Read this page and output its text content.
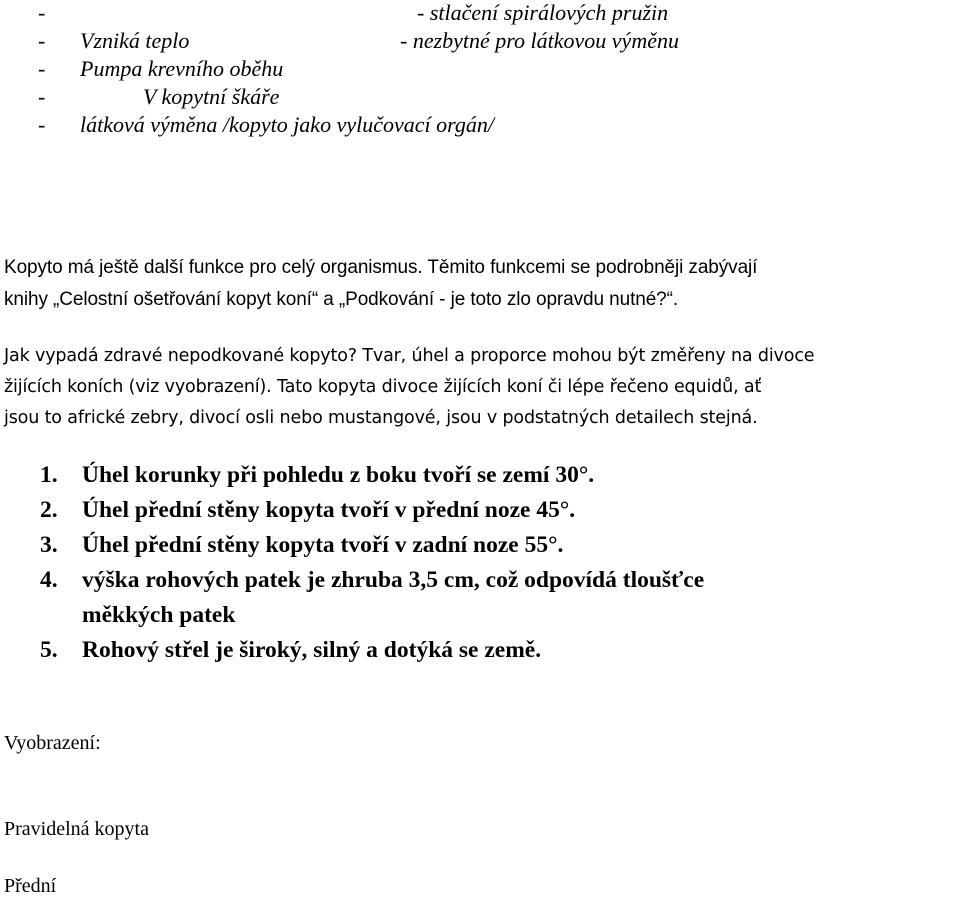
-	- stlačení spirálových pružin
- Vzniká teplo	- nezbytné pro látkovou výměnu
- Pumpa krevního oběhu
-	V kopytní škáře
- látková výměna /kopyto jako vylučovací orgán/
Kopyto má ještě další funkce pro celý organismus. Těmito funkcemi se podrobněji zabývají
knihy „Celostní ošetřování kopyt koní“ a „Podkování - je toto zlo opravdu nutné?“.
Jak vypadá zdravé nepodkované kopyto? Tvar, úhel a proporce mohou být změřeny na divoce
žijících koních (viz vyobrazení). Tato kopyta divoce žijících koní či lépe řečeno equidů, ať
jsou to africké zebry, divocí osli nebo mustangové, jsou v podstatných detailech stejná.
1. Úhel korunky při pohledu z boku tvoří se zemí 30°.
2. Úhel přední stěny kopyta tvoří v přední noze 45°.
3. Úhel přední stěny kopyta tvoří v zadní noze 55°.
4. výška rohových patek je zhruba 3,5 cm, což odpovídá tloušťce
měkkých patek
5. Rohový střel je široký, silný a dotýká se země.
Vyobrazení:
Pravidelná kopyta
Přední
